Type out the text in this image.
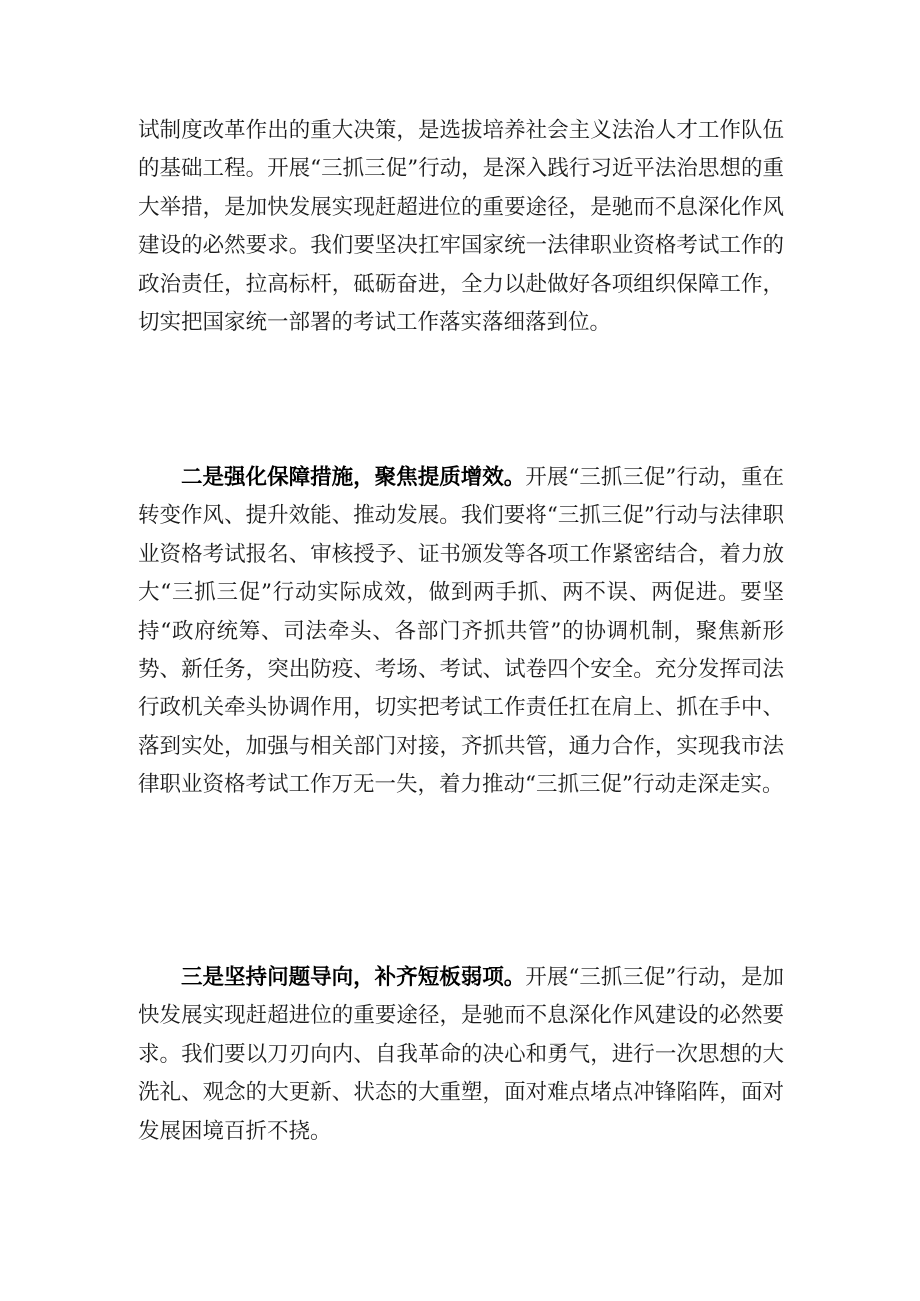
试制度改革作出的重大决策，是选拔培养社会主义法治人才工作队伍的基础工程。开展“三抓三促”行动，是深入践行习近平法治思想的重大举措，是加快发展实现赶超进位的重要途径，是驰而不息深化作风建设的必然要求。我们要坚决扛牢国家统一法律职业资格考试工作的政治责任，拉高标杆，砥砺奋进，全力以赴做好各项组织保障工作，切实把国家统一部署的考试工作落实落细落到位。

二是强化保障措施，聚焦提质增效。开展“三抓三促”行动，重在转变作风、提升效能、推动发展。我们要将“三抓三促”行动与法律职业资格考试报名、审核授予、证书颁发等各项工作紧密结合，着力放大“三抓三促”行动实际成效，做到两手抓、两不误、两促进。要坚持“政府统筹、司法牵头、各部门齐抓共管”的协调机制，聚焦新形势、新任务，突出防疫、考场、考试、试卷四个安全。充分发挥司法行政机关牵头协调作用，切实把考试工作责任扛在肩上、抓在手中、落到实处，加强与相关部门对接，齐抓共管，通力合作，实现我市法律职业资格考试工作万无一失，着力推动“三抓三促”行动走深走实。

三是坚持问题导向，补齐短板弱项。开展“三抓三促”行动，是加快发展实现赶超进位的重要途径，是驰而不息深化作风建设的必然要求。我们要以刀刃向内、自我革命的决心和勇气，进行一次思想的大洗礼、观念的大更新、状态的大重塑，面对难点堵点冲锋陷阵，面对发展困境百折不挠。
